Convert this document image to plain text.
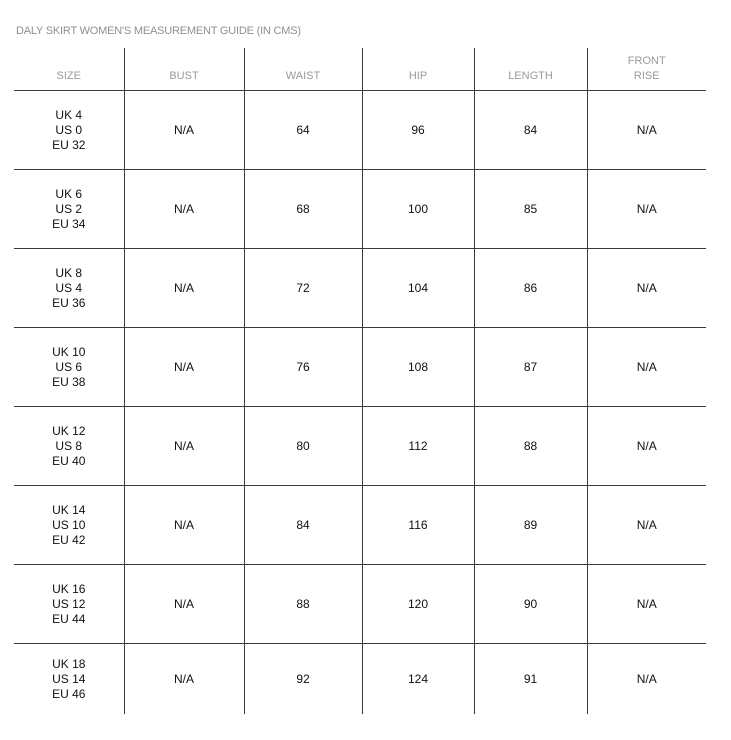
DALY SKIRT WOMEN'S MEASUREMENT GUIDE (IN CMS)
SIZE	BUST	WAIST	HIP	LENGTH	FRONT
RISE

UK 4
US 0
EU 32	N/A	64	96	84	N/A

UK 6
US 2
EU 34	N/A	68	100	85	N/A

UK 8
US 4
EU 36	N/A	72	104	86	N/A

UK 10
US 6
EU 38	N/A	76	108	87	N/A

UK 12
US 8
EU 40	N/A	80	112	88	N/A

UK 14
US 10
EU 42	N/A	84	116	89	N/A

UK 16
US 12
EU 44	N/A	88	120	90	N/A

UK 18
US 14
EU 46	N/A	92	124	91	N/A
